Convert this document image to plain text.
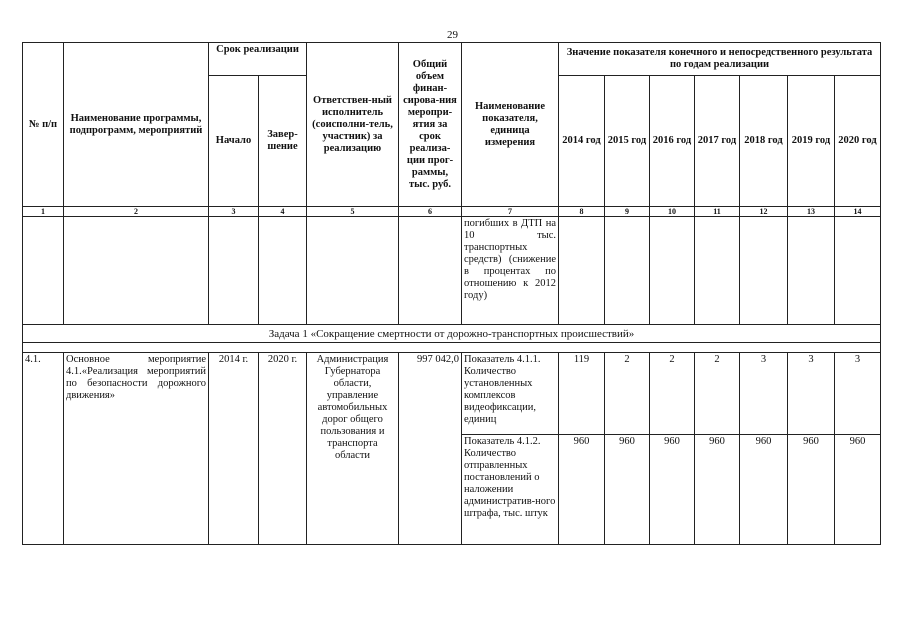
29
№ п/п	Наименование программы, подпрограмм, мероприятий	Срок реализации		Ответствен-ный исполнитель (соисполни-тель, участник) за реализацию	Общий объем финан-сирова-ния меропри-ятия за срок реализа-ции прог-раммы, тыс. руб.	Наименование показателя, единица измерения	Значение показателя конечного и непосредственного результата по годам реализации						
		Начало	Завер-шение				2014 год	2015 год	2016 год	2017 год	2018 год	2019 год	2020 год
1	2	3	4	5	6	7	8	9	10	11	12	13	14
						погибших в ДТП на 10 тыс. транспортных средств) (снижение в процентах по отношению к 2012 году)							
Задача 1 «Сокращение смертности от дорожно-транспортных происшествий»													

4.1.	Основное мероприятие 4.1.«Реализация мероприятий по безопасности дорожного движения»	2014 г.	2020 г.	Администрация Губернатора области, управление автомобильных дорог общего пользования и транспорта области	997 042,0	Показатель 4.1.1. Количество установленных комплексов видеофиксации, единиц	119	2	2	2	3	3	3
						Показатель 4.1.2. Количество отправленных постановлений о наложении административ-ного штрафа, тыс. штук	960	960	960	960	960	960	960
